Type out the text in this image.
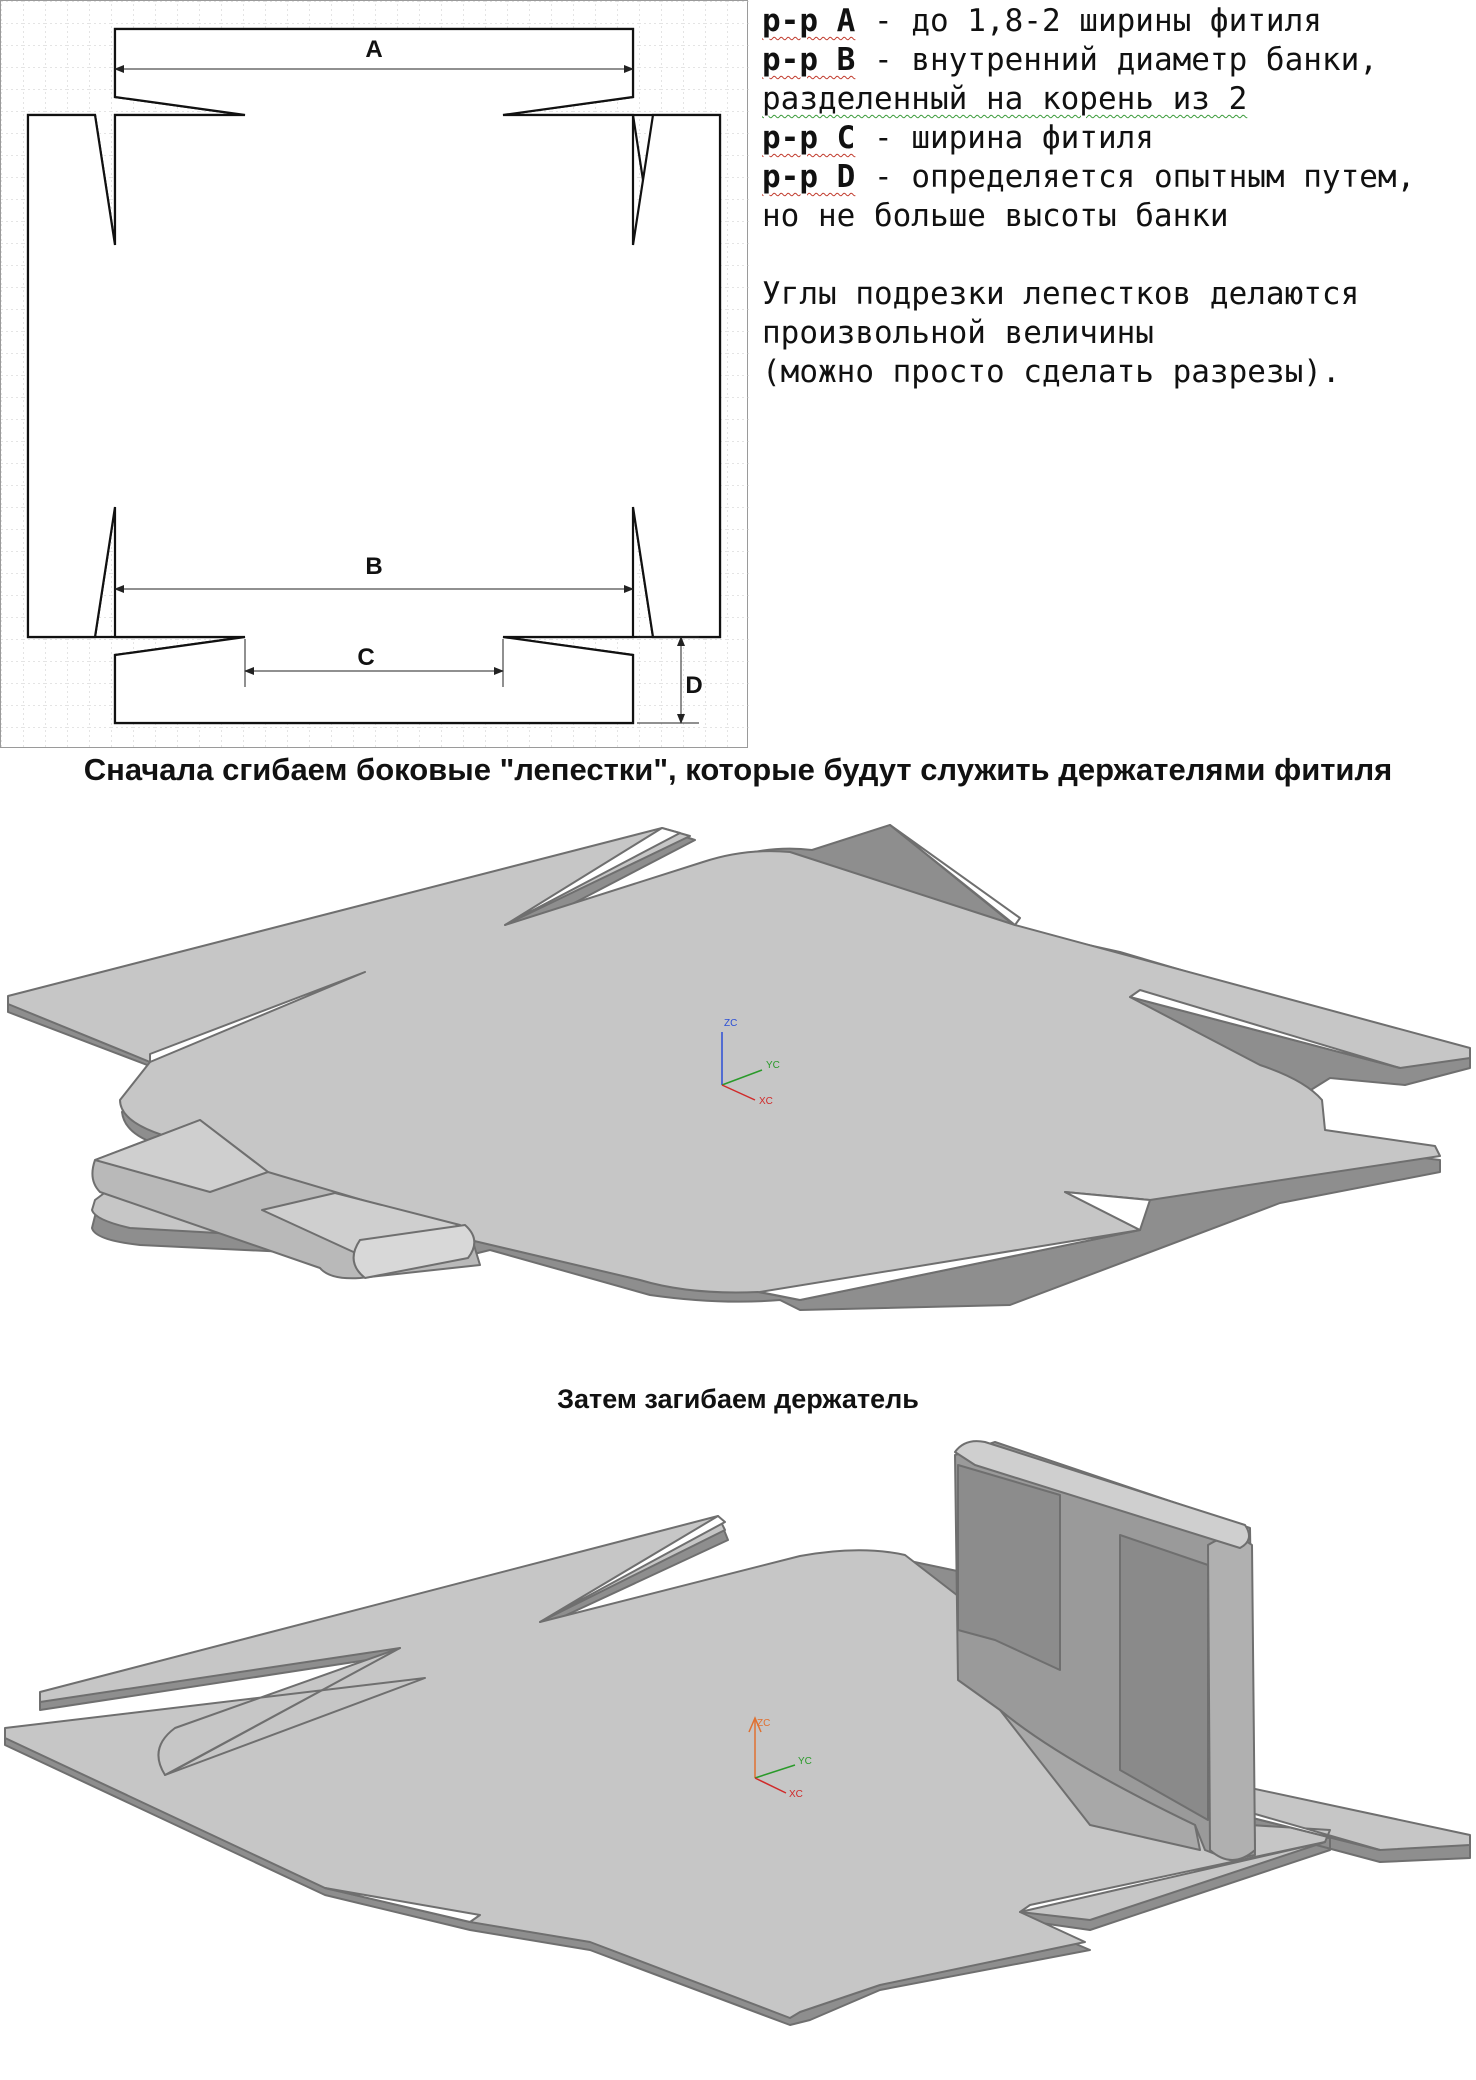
A
B
C
D
р-р А - до 1,8-2 ширины фитиля
р-р В - внутренний диаметр банки,
разделенный на корень из 2
р-р С - ширина фитиля
р-р D - определяется опытным путем,
но не больше высоты банки
Углы подрезки лепестков делаются
произвольной величины
(можно просто сделать разрезы).
Сначала сгибаем боковые "лепестки", которые будут служить держателями фитиля
ZC
YC
XC
Затем загибаем держатель
ZC
YC
XC
